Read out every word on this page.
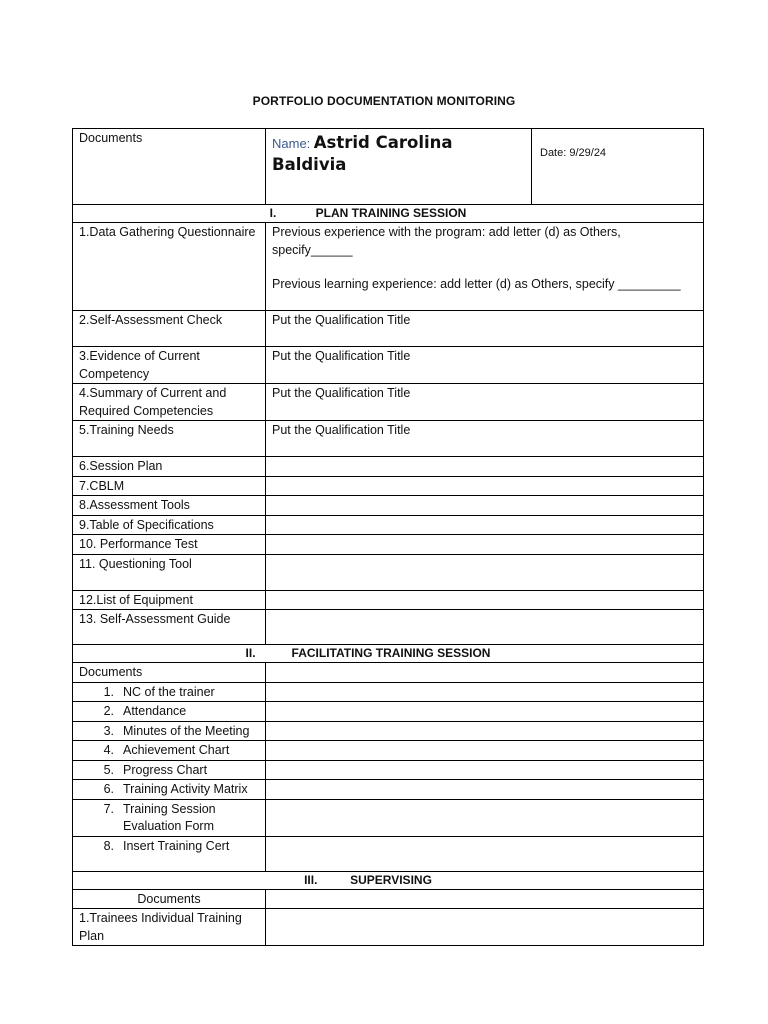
PORTFOLIO DOCUMENTATION MONITORING
Documents	Name: Astrid Carolina Baldivia	Date: 9/29/24
I. PLAN TRAINING SESSION		
1.Data Gathering Questionnaire	Previous experience with the program: add letter (d) as Others, specify______
Previous learning experience: add letter (d) as Others, specify _________	

2.Self-Assessment Check	Put the Qualification Title	
3.Evidence of Current Competency	Put the Qualification Title	
4.Summary of Current and Required Competencies	Put the Qualification Title	
5.Training Needs	Put the Qualification Title	
6.Session Plan		
7.CBLM		
8.Assessment Tools		
9.Table of Specifications		
10. Performance Test		
11. Questioning Tool		
12.List of Equipment		
13. Self-Assessment Guide		
II. FACILITATING TRAINING SESSION		
Documents		

1. NC of the trainer		

2. Attendance		

3. Minutes of the Meeting		

4. Achievement Chart		

5. Progress Chart		

6. Training Activity Matrix		

7. Training Session Evaluation Form		

8. Insert Training Cert		

III. SUPERVISING		
Documents		
1.Trainees Individual Training Plan		
